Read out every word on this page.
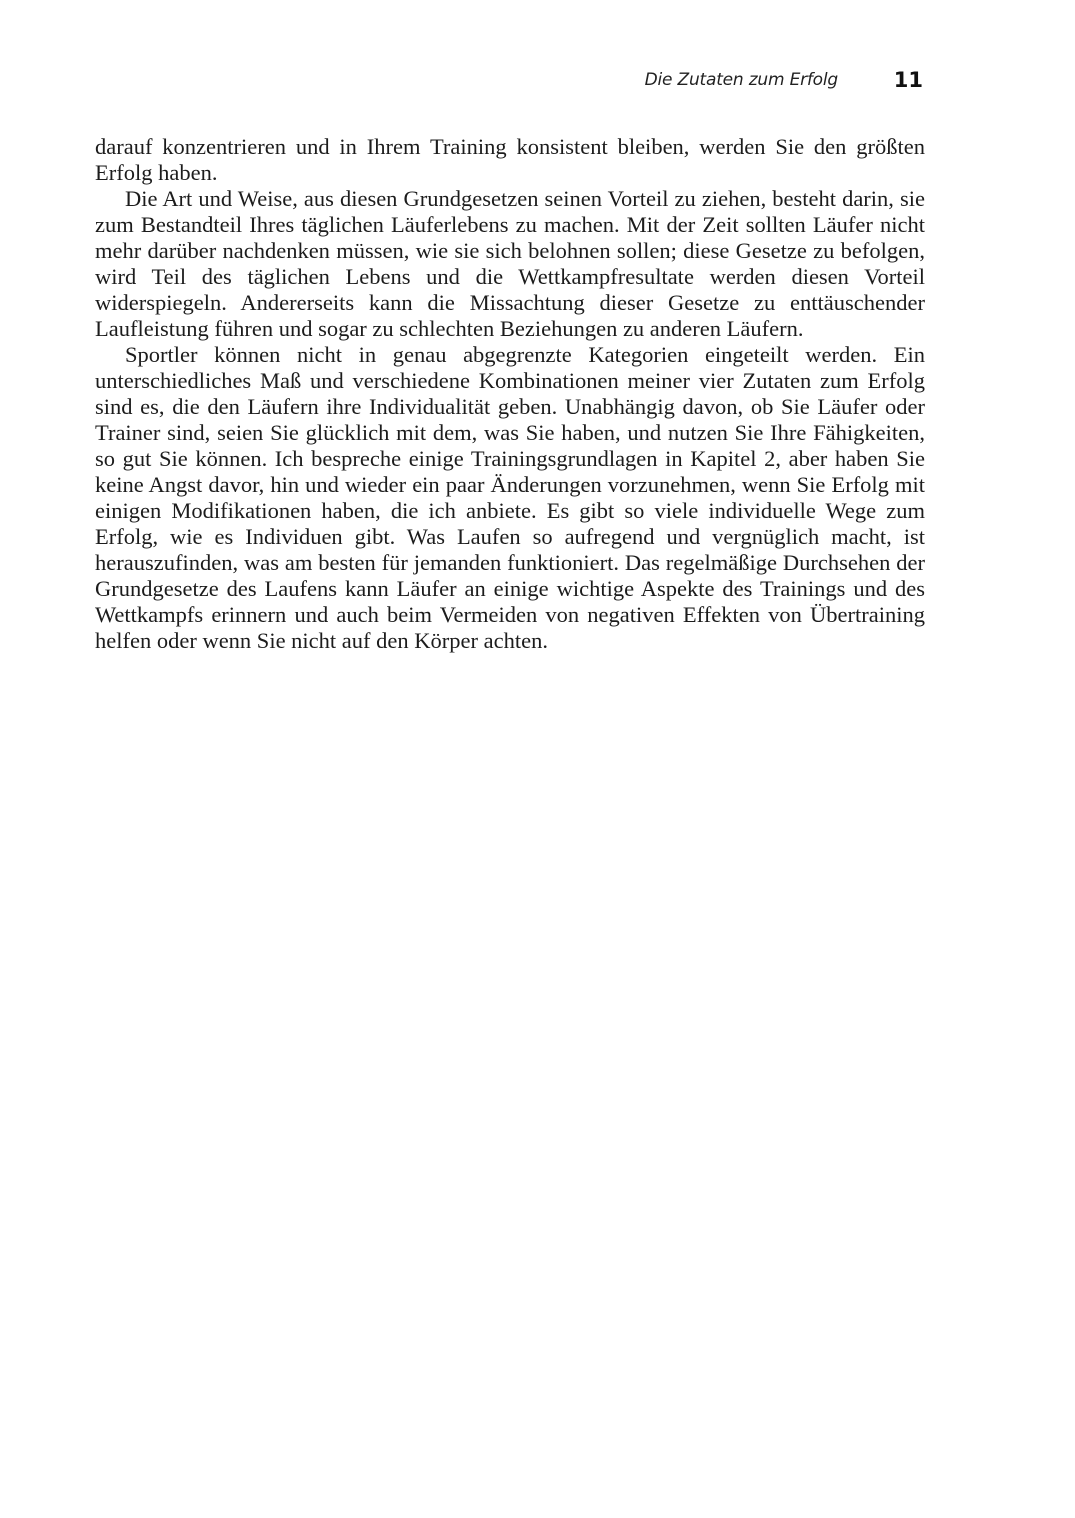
Die Zutaten zum Erfolg	11

darauf konzentrieren und in Ihrem Training konsistent bleiben, werden Sie den größten Erfolg haben.

Die Art und Weise, aus diesen Grundgesetzen seinen Vorteil zu ziehen, besteht darin, sie zum Bestandteil Ihres täglichen Läuferlebens zu machen. Mit der Zeit sollten Läufer nicht mehr darüber nachdenken müssen, wie sie sich belohnen sollen; diese Gesetze zu befolgen, wird Teil des täglichen Lebens und die Wettkampfresultate werden diesen Vorteil widerspiegeln. Andererseits kann die Missachtung dieser Gesetze zu enttäuschender Laufleistung führen und sogar zu schlechten Beziehungen zu anderen Läufern.

Sportler können nicht in genau abgegrenzte Kategorien eingeteilt werden. Ein unterschiedliches Maß und verschiedene Kombinationen meiner vier Zutaten zum Erfolg sind es, die den Läufern ihre Individualität geben. Unabhängig davon, ob Sie Läufer oder Trainer sind, seien Sie glücklich mit dem, was Sie haben, und nutzen Sie Ihre Fähigkeiten, so gut Sie können. Ich bespreche einige Trainingsgrundlagen in Kapitel 2, aber haben Sie keine Angst davor, hin und wieder ein paar Änderungen vorzunehmen, wenn Sie Erfolg mit einigen Modifikationen haben, die ich anbiete. Es gibt so viele individuelle Wege zum Erfolg, wie es Individuen gibt. Was Laufen so aufregend und vergnüglich macht, ist herauszufinden, was am besten für jemanden funktioniert. Das regelmäßige Durchsehen der Grundgesetze des Laufens kann Läufer an einige wichtige Aspekte des Trainings und des Wettkampfs erinnern und auch beim Vermeiden von negativen Effekten von Übertraining helfen oder wenn Sie nicht auf den Körper achten.
